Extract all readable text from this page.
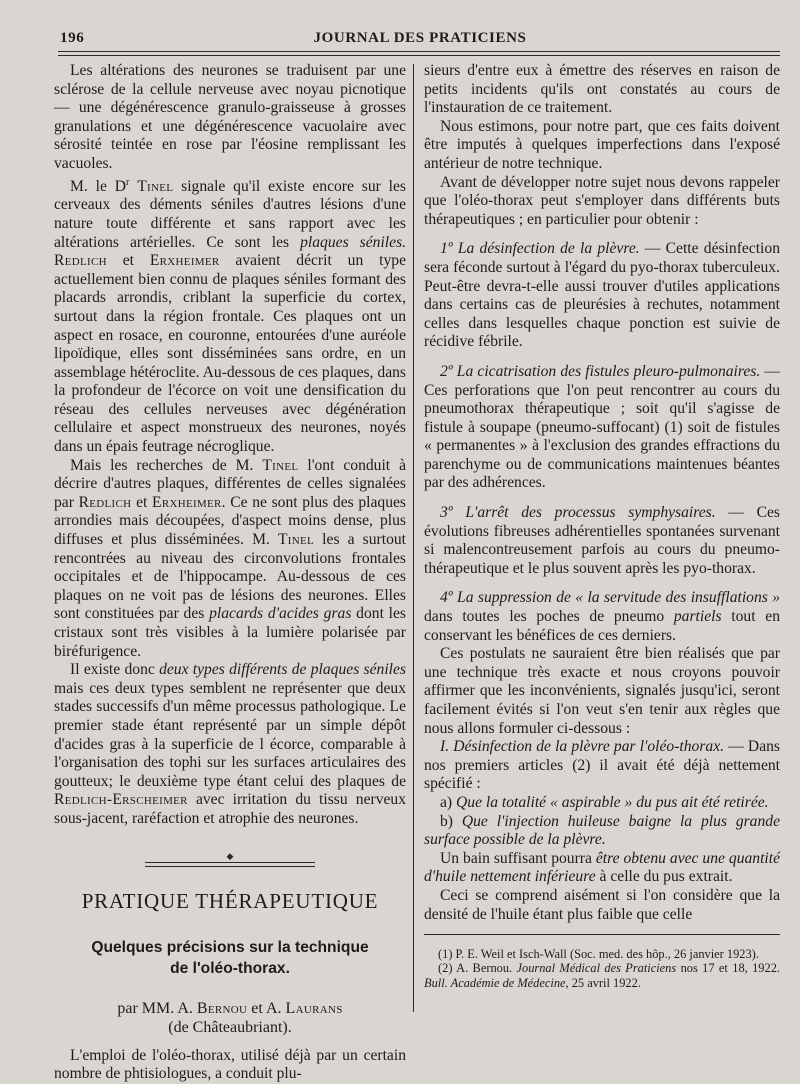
196	JOURNAL DES PRATICIENS

Les altérations des neurones se traduisent par une sclérose de la cellule nerveuse avec noyau picnotique — une dégénérescence granulo-graisseuse à grosses granulations et une dégénérescence vacuolaire avec sérosité teintée en rose par l'éosine remplissant les vacuoles.

M. le $D^r$ Tinel signale qu'il existe encore sur les cerveaux des déments séniles d'autres lésions d'une nature toute différente et sans rapport avec les altérations artérielles. Ce sont les plaques séniles. Redlich et Erxheimer avaient décrit un type actuellement bien connu de plaques séniles formant des placards arrondis, criblant la superficie du cortex, surtout dans la région frontale. Ces plaques ont un aspect en rosace, en couronne, entourées d'une auréole lipoïdique, elles sont disséminées sans ordre, en un assemblage hétéroclite. Au-dessous de ces plaques, dans la profondeur de l'écorce on voit une densification du réseau des cellules nerveuses avec dégénération cellulaire et aspect monstrueux des neurones, noyés dans un épais feutrage nécroglique.

Mais les recherches de M. Tinel l'ont conduit à décrire d'autres plaques, différentes de celles signalées par Redlich et Erxheimer. Ce ne sont plus des plaques arrondies mais découpées, d'aspect moins dense, plus diffuses et plus disséminées. M. Tinel les a surtout rencontrées au niveau des circonvolutions frontales occipitales et de l'hippocampe. Au-dessous de ces plaques on ne voit pas de lésions des neurones. Elles sont constituées par des placards d'acides gras dont les cristaux sont très visibles à la lumière polarisée par biréfurigence.

Il existe donc deux types différents de plaques séniles mais ces deux types semblent ne représenter que deux stades successifs d'un même processus pathologique. Le premier stade étant représenté par un simple dépôt d'acides gras à la superficie de l écorce, comparable à l'organisation des tophi sur les surfaces articulaires des goutteux; le deuxième type étant celui des plaques de Redlich-Erscheimer avec irritation du tissu nerveux sous-jacent, raréfaction et atrophie des neurones.

◆
PRATIQUE THÉRAPEUTIQUE
Quelques précisions sur la technique
de l'oléo-thorax.
par MM. A. Bernou et A. Laurans
(de Châteaubriant).

L'emploi de l'oléo-thorax, utilisé déjà par un certain nombre de phtisiologues, a conduit plu-

sieurs d'entre eux à émettre des réserves en raison de petits incidents qu'ils ont constatés au cours de l'instauration de ce traitement.

Nous estimons, pour notre part, que ces faits doivent être imputés à quelques imperfections dans l'exposé antérieur de notre technique.

Avant de développer notre sujet nous devons rappeler que l'oléo-thorax peut s'employer dans différents buts thérapeutiques ; en particulier pour obtenir :

1º La désinfection de la plèvre. — Cette désinfection sera féconde surtout à l'égard du pyo-thorax tuberculeux. Peut-être devra-t-elle aussi trouver d'utiles applications dans certains cas de pleurésies à rechutes, notamment celles dans lesquelles chaque ponction est suivie de récidive fébrile.

2º La cicatrisation des fistules pleuro-pulmonaires. — Ces perforations que l'on peut rencontrer au cours du pneumothorax thérapeutique ; soit qu'il s'agisse de fistule à soupape (pneumo-suffocant) (1) soit de fistules « permanentes » à l'exclusion des grandes effractions du parenchyme ou de communications maintenues béantes par des adhérences.

3º L'arrêt des processus symphysaires. — Ces évolutions fibreuses adhérentielles spontanées survenant si malencontreusement parfois au cours du pneumo-thérapeutique et le plus souvent après les pyo-thorax.

4º La suppression de « la servitude des insufflations » dans toutes les poches de pneumo partiels tout en conservant les bénéfices de ces derniers.

Ces postulats ne sauraient être bien réalisés que par une technique très exacte et nous croyons pouvoir affirmer que les inconvénients, signalés jusqu'ici, seront facilement évités si l'on veut s'en tenir aux règles que nous allons formuler ci-dessous :

I. Désinfection de la plèvre par l'oléo-thorax. — Dans nos premiers articles (2) il avait été déjà nettement spécifié :

a) Que la totalité « aspirable » du pus ait été retirée.

b) Que l'injection huileuse baigne la plus grande surface possible de la plèvre.

Un bain suffisant pourra être obtenu avec une quantité d'huile nettement inférieure à celle du pus extrait.

Ceci se comprend aisément si l'on considère que la densité de l'huile étant plus faible que celle

(1) P. E. Weil et Isch-Wall (Soc. med. des hôp., 26 janvier 1923).

(2) A. Bernou. Journal Médical des Praticiens nos 17 et 18, 1922. Bull. Académie de Médecine, 25 avril 1922.
